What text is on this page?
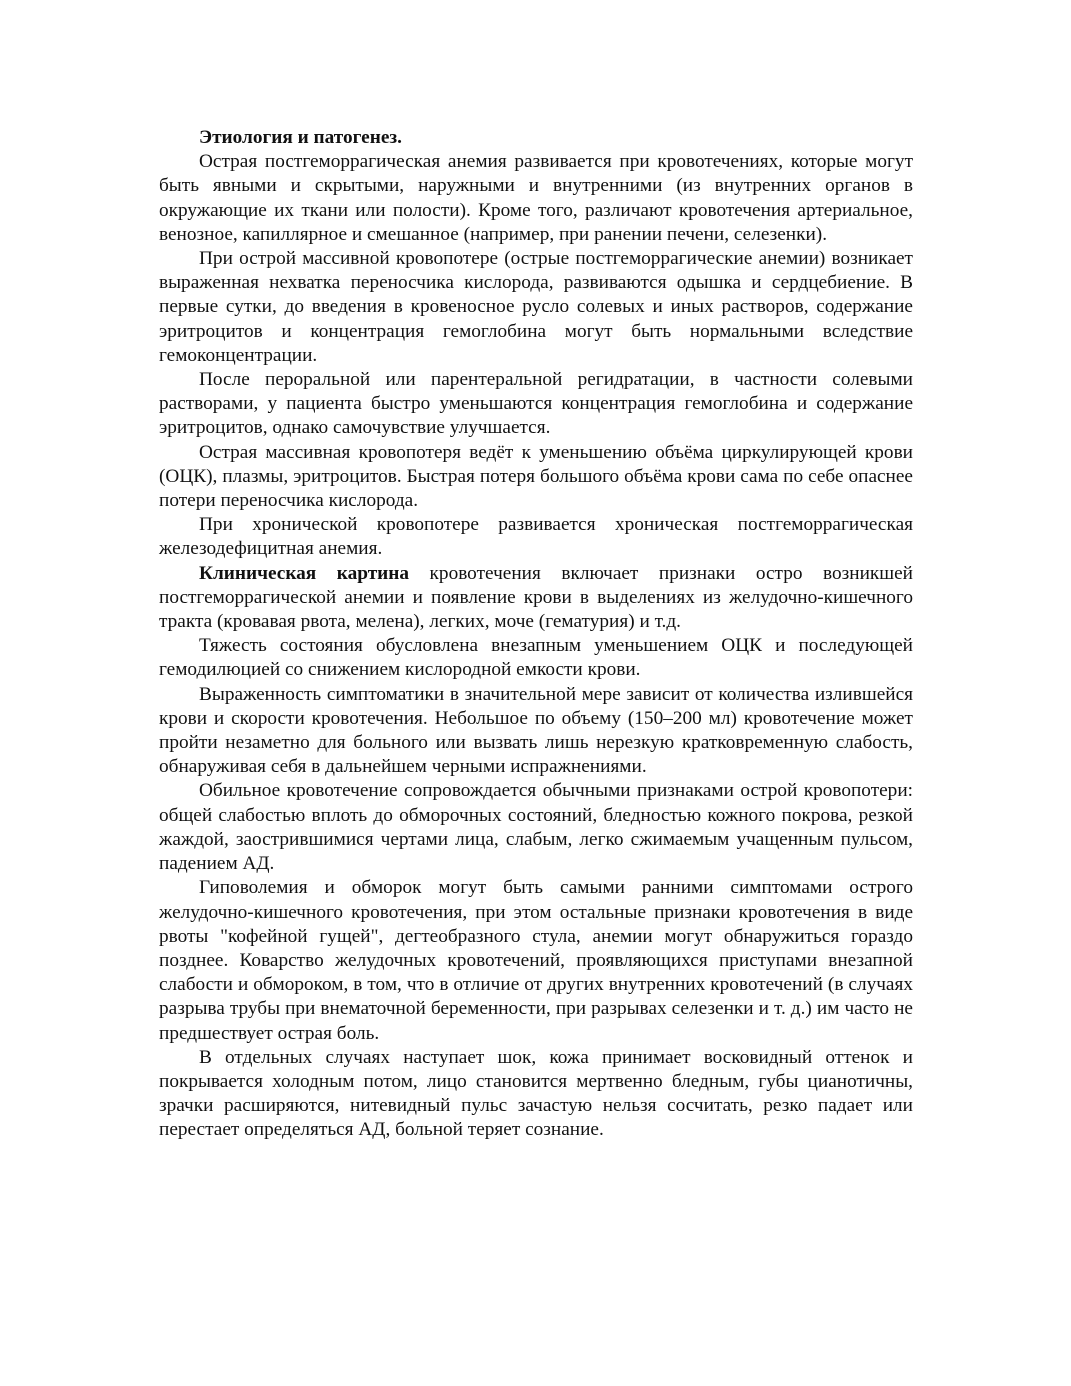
Этиология и патогенез.

Острая постгеморрагическая анемия развивается при кровотечениях, которые могут быть явными и скрытыми, наружными и внутренними (из внутренних органов в окружающие их ткани или полости). Кроме того, различают кровотечения артериальное, венозное, капиллярное и смешанное (например, при ранении печени, селезенки).

При острой массивной кровопотере (острые постгеморрагические анемии) возникает выраженная нехватка переносчика кислорода, развиваются одышка и сердцебиение. В первые сутки, до введения в кровеносное русло солевых и иных растворов, содержание эритроцитов и концентрация гемоглобина могут быть нормальными вследствие гемоконцентрации.

После пероральной или парентеральной регидратации, в частности солевыми растворами, у пациента быстро уменьшаются концентрация гемоглобина и содержание эритроцитов, однако самочувствие улучшается.

Острая массивная кровопотеря ведёт к уменьшению объёма циркулирующей крови (ОЦК), плазмы, эритроцитов. Быстрая потеря большого объёма крови сама по себе опаснее потери переносчика кислорода.

При хронической кровопотере развивается хроническая постгеморрагическая железодефицитная анемия.

Клиническая картина кровотечения включает признаки остро возникшей постгеморрагической анемии и появление крови в выделениях из желудочно-кишечного тракта (кровавая рвота, мелена), легких, моче (гематурия) и т.д.

Тяжесть состояния обусловлена внезапным уменьшением ОЦК и последующей гемодилюцией со снижением кислородной емкости крови.

Выраженность симптоматики в значительной мере зависит от количества излившейся крови и скорости кровотечения. Небольшое по объему (150–200 мл) кровотечение может пройти незаметно для больного или вызвать лишь нерезкую кратковременную слабость, обнаруживая себя в дальнейшем черными испражнениями.

Обильное кровотечение сопровождается обычными признаками острой кровопотери: общей слабостью вплоть до обморочных состояний, бледностью кожного покрова, резкой жаждой, заострившимися чертами лица, слабым, легко сжимаемым учащенным пульсом, падением АД.

Гиповолемия и обморок могут быть самыми ранними симптомами острого желудочно-кишечного кровотечения, при этом остальные признаки кровотечения в виде рвоты "кофейной гущей", дегтеобразного стула, анемии могут обнаружиться гораздо позднее. Коварство желудочных кровотечений, проявляющихся приступами внезапной слабости и обмороком, в том, что в отличие от других внутренних кровотечений (в случаях разрыва трубы при внематочной беременности, при разрывах селезенки и т. д.) им часто не предшествует острая боль.

В отдельных случаях наступает шок, кожа принимает восковидный оттенок и покрывается холодным потом, лицо становится мертвенно бледным, губы цианотичны, зрачки расширяются, нитевидный пульс зачастую нельзя сосчитать, резко падает или перестает определяться АД, больной теряет сознание.
